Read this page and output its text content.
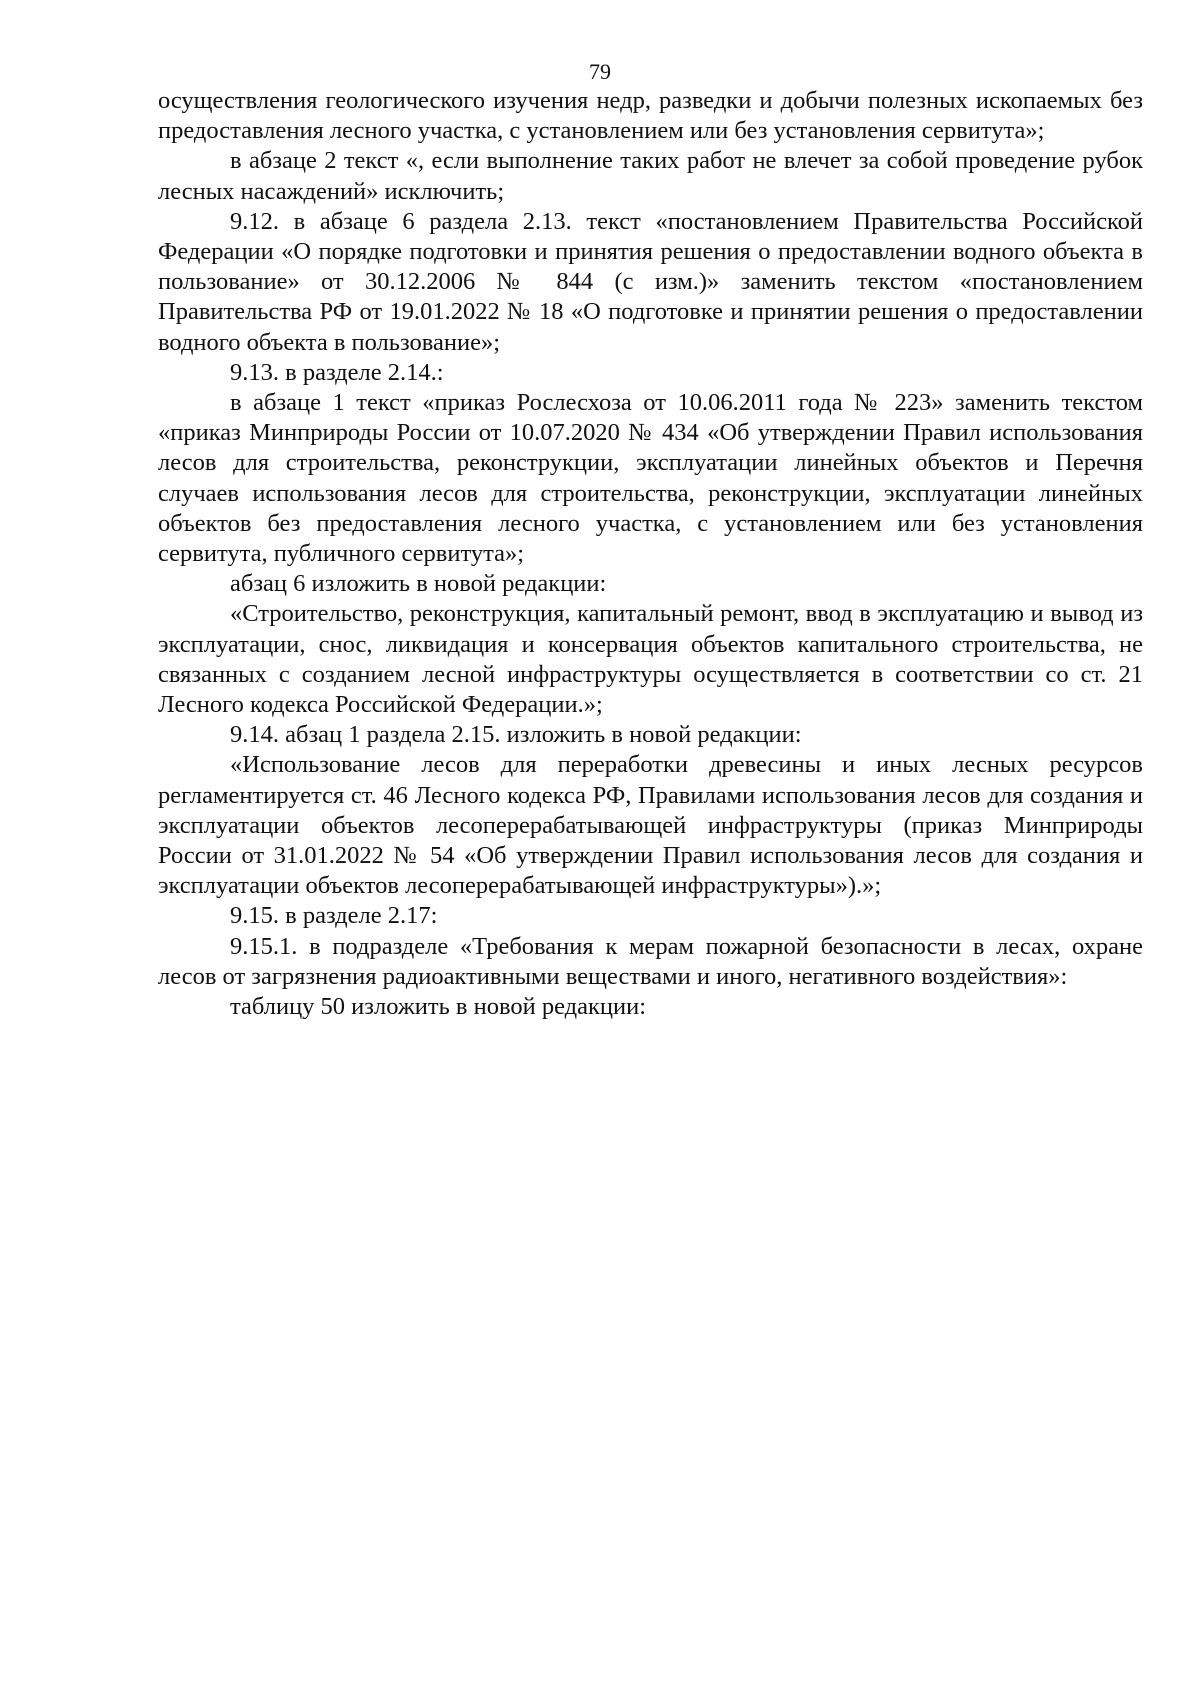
79

осуществления геологического изучения недр, разведки и добычи полезных ископаемых без предоставления лесного участка, с установлением или без установления сервитута»;

в абзаце 2 текст «, если выполнение таких работ не влечет за собой проведение рубок лесных насаждений» исключить;

9.12. в абзаце 6 раздела 2.13. текст «постановлением Правительства Российской Федерации «О порядке подготовки и принятия решения о предоставлении водного объекта в пользование» от 30.12.2006 № 844 (с изм.)» заменить текстом «постановлением Правительства РФ от 19.01.2022 № 18 «О подготовке и принятии решения о предоставлении водного объекта в пользование»;

9.13. в разделе 2.14.:

в абзаце 1 текст «приказ Рослесхоза от 10.06.2011 года № 223» заменить текстом «приказ Минприроды России от 10.07.2020 № 434 «Об утверждении Правил использования лесов для строительства, реконструкции, эксплуатации линейных объектов и Перечня случаев использования лесов для строительства, реконструкции, эксплуатации линейных объектов без предоставления лесного участка, с установлением или без установления сервитута, публичного сервитута»;

абзац 6 изложить в новой редакции:

«Строительство, реконструкция, капитальный ремонт, ввод в эксплуатацию и вывод из эксплуатации, снос, ликвидация и консервация объектов капитального строительства, не связанных с созданием лесной инфраструктуры осуществляется в соответствии со ст. 21 Лесного кодекса Российской Федерации.»;

9.14. абзац 1 раздела 2.15. изложить в новой редакции:

«Использование лесов для переработки древесины и иных лесных ресурсов регламентируется ст. 46 Лесного кодекса РФ, Правилами использования лесов для создания и эксплуатации объектов лесоперерабатывающей инфраструктуры (приказ Минприроды России от 31.01.2022 № 54 «Об утверждении Правил использования лесов для создания и эксплуатации объектов лесоперерабатывающей инфраструктуры»).»;

9.15. в разделе 2.17:

9.15.1. в подразделе «Требования к мерам пожарной безопасности в лесах, охране лесов от загрязнения радиоактивными веществами и иного, негативного воздействия»:

таблицу 50 изложить в новой редакции:
